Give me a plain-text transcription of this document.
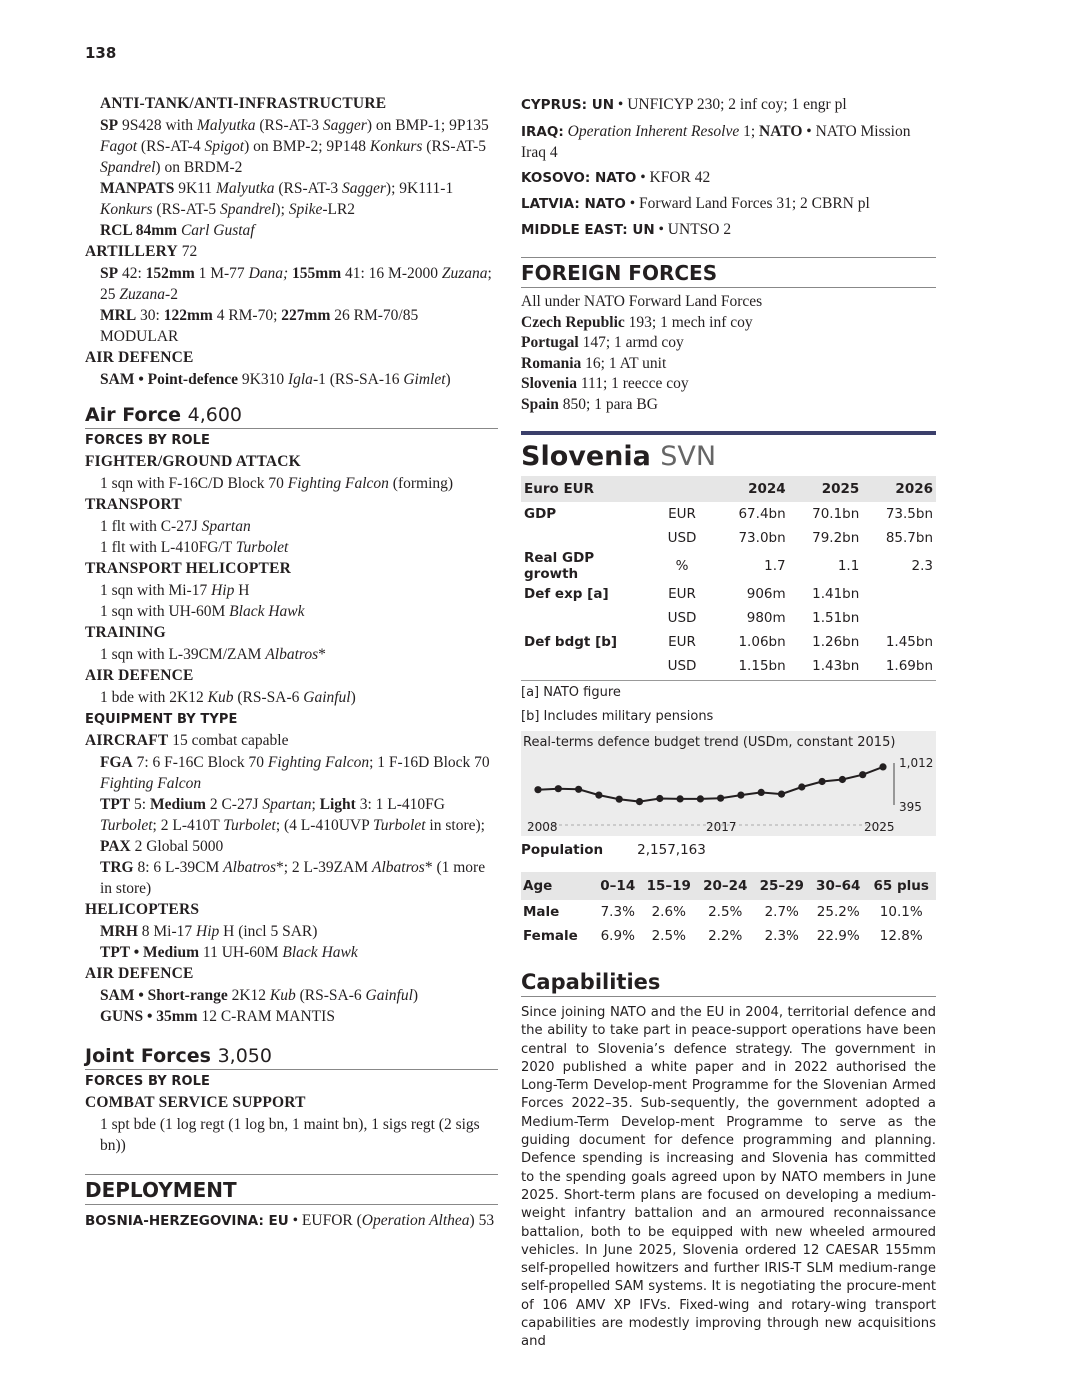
138
ANTI-TANK/ANTI-INFRASTRUCTURE

SP 9S428 with Malyutka (RS-AT-3 Sagger) on BMP-1; 9P135 Fagot (RS-AT-4 Spigot) on BMP-2; 9P148 Konkurs (RS-AT-5 Spandrel) on BRDM-2

MANPATS 9K11 Malyutka (RS-AT-3 Sagger); 9K111-1 Konkurs (RS-AT-5 Spandrel); Spike-LR2

RCL 84mm Carl Gustaf

ARTILLERY 72

SP 42: 152mm 1 M-77 Dana; 155mm 41: 16 M-2000 Zuzana; 25 Zuzana-2

MRL 30: 122mm 4 RM-70; 227mm 26 RM-70/85 MODULAR

AIR DEFENCE

SAM • Point-defence 9K310 Igla-1 (RS-SA-16 Gimlet)

Air Force 4,600
FORCES BY ROLE
FIGHTER/GROUND ATTACK

1 sqn with F-16C/D Block 70 Fighting Falcon (forming)

TRANSPORT

1 flt with C-27J Spartan

1 flt with L-410FG/T Turbolet

TRANSPORT HELICOPTER

1 sqn with Mi-17 Hip H

1 sqn with UH-60M Black Hawk

TRAINING

1 sqn with L-39CM/ZAM Albatros*

AIR DEFENCE

1 bde with 2K12 Kub (RS-SA-6 Gainful)

EQUIPMENT BY TYPE
AIRCRAFT 15 combat capable

FGA 7: 6 F-16C Block 70 Fighting Falcon; 1 F-16D Block 70 Fighting Falcon

TPT 5: Medium 2 C-27J Spartan; Light 3: 1 L-410FG Turbolet; 2 L-410T Turbolet; (4 L-410UVP Turbolet in store); PAX 2 Global 5000

TRG 8: 6 L-39CM Albatros*; 2 L-39ZAM Albatros* (1 more in store)

HELICOPTERS

MRH 8 Mi-17 Hip H (incl 5 SAR)

TPT • Medium 11 UH-60M Black Hawk

AIR DEFENCE

SAM • Short-range 2K12 Kub (RS-SA-6 Gainful)

GUNS • 35mm 12 C-RAM MANTIS

Joint Forces 3,050
FORCES BY ROLE
COMBAT SERVICE SUPPORT

1 spt bde (1 log regt (1 log bn, 1 maint bn), 1 sigs regt (2 sigs bn))

DEPLOYMENT

BOSNIA-HERZEGOVINA: EU • EUFOR (Operation Althea) 53

CYPRUS: UN • UNFICYP 230; 2 inf coy; 1 engr pl

IRAQ: Operation Inherent Resolve 1; NATO • NATO Mission Iraq 4

KOSOVO: NATO • KFOR 42

LATVIA: NATO • Forward Land Forces 31; 2 CBRN pl

MIDDLE EAST: UN • UNTSO 2

FOREIGN FORCES
All under NATO Forward Land Forces
Czech Republic 193; 1 mech inf coy
Portugal 147; 1 armd coy
Romania 16; 1 AT unit
Slovenia 111; 1 reecce coy
Spain 850; 1 para BG
Slovenia SVN
Euro EUR		2024	2025	2026
GDP	EUR	67.4bn	70.1bn	73.5bn
	USD	73.0bn	79.2bn	85.7bn
Real GDP growth	%	1.7	1.1	2.3
Def exp [a]	EUR	906m	1.41bn	
	USD	980m	1.51bn	
Def bdgt [b]	EUR	1.06bn	1.26bn	1.45bn
	USD	1.15bn	1.43bn	1.69bn

[a] NATO figure

[b] Includes military pensions

Real-terms defence budget trend (USDm, constant 2015)
1,012
395
2008	2017	2025

Population	2,157,163

Age	0–14	15–19	20–24	25–29	30–64	65 plus
Male	7.3%	2.6%	2.5%	2.7%	25.2%	10.1%
Female	6.9%	2.5%	2.2%	2.3%	22.9%	12.8%
Capabilities

Since joining NATO and the EU in 2004, territorial defence and the ability to take part in peace-support operations have been central to Slovenia’s defence strategy. The government in 2020 published a white paper and in 2022 authorised the Long-Term Develop-ment Programme for the Slovenian Armed Forces 2022–35. Sub-sequently, the government adopted a Medium-Term Develop-ment Programme to serve as the guiding document for defence programming and planning. Defence spending is increasing and Slovenia has committed to the spending goals agreed upon by NATO members in June 2025. Short-term plans are focused on developing a medium-weight infantry battalion and an armoured reconnaissance battalion, both to be equipped with new wheeled armoured vehicles. In June 2025, Slovenia ordered 12 CAESAR 155mm self-propelled howitzers and further IRIS-T SLM medium-range self-propelled SAM systems. It is negotiating the procure-ment of 106 AMV XP IFVs. Fixed-wing and rotary-wing transport capabilities are modestly improving through new acquisitions and
